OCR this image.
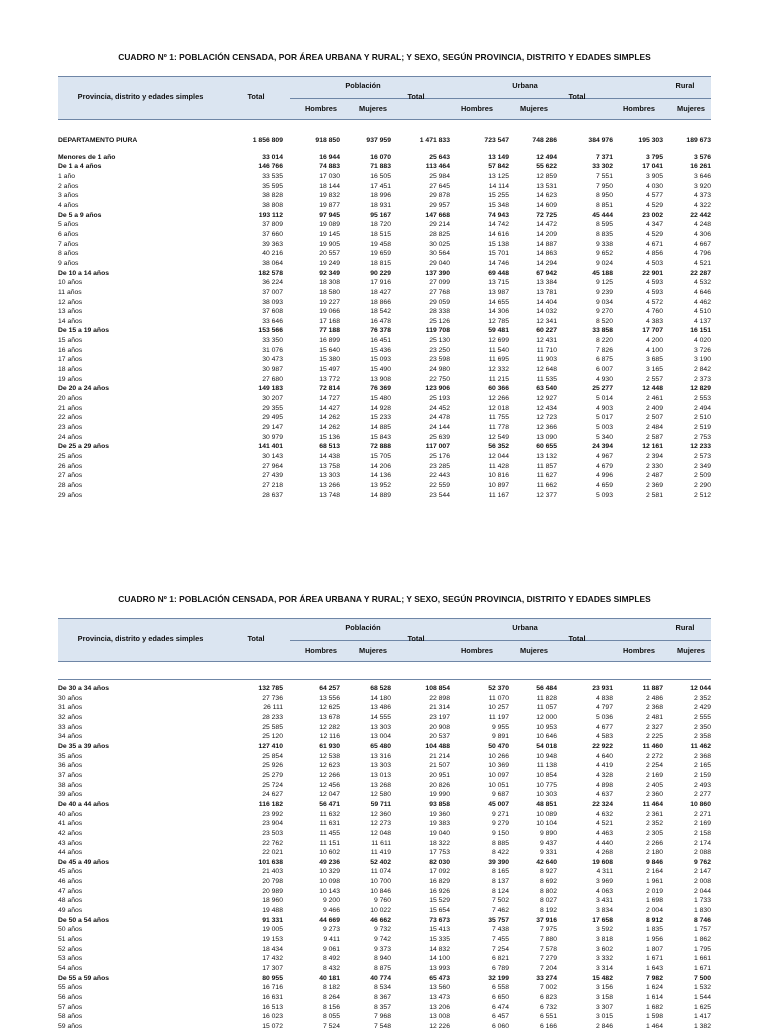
CUADRO Nº 1: POBLACIÓN CENSADA, POR ÁREA URBANA Y RURAL; Y SEXO, SEGÚN PROVINCIA, DISTRITO Y EDADES SIMPLES
Provincia, distrito y edades simples
Población	Urbana	Rural
Total
Hombres	Mujeres
Total
Hombres	Mujeres
Total
Hombres	Mujeres
DEPARTAMENTO PIURA	1 856 809	918 850	937 959	1 471 833	723 547	748 286	384 976	195 303	189 673
Menores de 1 año	33 014	16 944	16 070	25 643	13 149	12 494	7 371	3 795	3 576
De 1 a 4 años	146 766	74 883	71 883	113 464	57 842	55 622	33 302	17 041	16 261
1 año	33 535	17 030	16 505	25 984	13 125	12 859	7 551	3 905	3 646
2 años	35 595	18 144	17 451	27 645	14 114	13 531	7 950	4 030	3 920
3 años	38 828	19 832	18 996	29 878	15 255	14 623	8 950	4 577	4 373
4 años	38 808	19 877	18 931	29 957	15 348	14 609	8 851	4 529	4 322
De 5 a 9 años	193 112	97 945	95 167	147 668	74 943	72 725	45 444	23 002	22 442
5 años	37 809	19 089	18 720	29 214	14 742	14 472	8 595	4 347	4 248
6 años	37 660	19 145	18 515	28 825	14 616	14 209	8 835	4 529	4 306
7 años	39 363	19 905	19 458	30 025	15 138	14 887	9 338	4 671	4 667
8 años	40 216	20 557	19 659	30 564	15 701	14 863	9 652	4 856	4 796
9 años	38 064	19 249	18 815	29 040	14 746	14 294	9 024	4 503	4 521
De 10 a 14 años	182 578	92 349	90 229	137 390	69 448	67 942	45 188	22 901	22 287
10 años	36 224	18 308	17 916	27 099	13 715	13 384	9 125	4 593	4 532
11 años	37 007	18 580	18 427	27 768	13 987	13 781	9 239	4 593	4 646
12 años	38 093	19 227	18 866	29 059	14 655	14 404	9 034	4 572	4 462
13 años	37 608	19 066	18 542	28 338	14 306	14 032	9 270	4 760	4 510
14 años	33 646	17 168	16 478	25 126	12 785	12 341	8 520	4 383	4 137
De 15 a 19 años	153 566	77 188	76 378	119 708	59 481	60 227	33 858	17 707	16 151
15 años	33 350	16 899	16 451	25 130	12 699	12 431	8 220	4 200	4 020
16 años	31 076	15 640	15 436	23 250	11 540	11 710	7 826	4 100	3 726
17 años	30 473	15 380	15 093	23 598	11 695	11 903	6 875	3 685	3 190
18 años	30 987	15 497	15 490	24 980	12 332	12 648	6 007	3 165	2 842
19 años	27 680	13 772	13 908	22 750	11 215	11 535	4 930	2 557	2 373
De 20 a 24 años	149 183	72 814	76 369	123 906	60 366	63 540	25 277	12 448	12 829
20 años	30 207	14 727	15 480	25 193	12 266	12 927	5 014	2 461	2 553
21 años	29 355	14 427	14 928	24 452	12 018	12 434	4 903	2 409	2 494
22 años	29 495	14 262	15 233	24 478	11 755	12 723	5 017	2 507	2 510
23 años	29 147	14 262	14 885	24 144	11 778	12 366	5 003	2 484	2 519
24 años	30 979	15 136	15 843	25 639	12 549	13 090	5 340	2 587	2 753
De 25 a 29 años	141 401	68 513	72 888	117 007	56 352	60 655	24 394	12 161	12 233
25 años	30 143	14 438	15 705	25 176	12 044	13 132	4 967	2 394	2 573
26 años	27 964	13 758	14 206	23 285	11 428	11 857	4 679	2 330	2 349
27 años	27 439	13 303	14 136	22 443	10 816	11 627	4 996	2 487	2 509
28 años	27 218	13 266	13 952	22 559	10 897	11 662	4 659	2 369	2 290
29 años	28 637	13 748	14 889	23 544	11 167	12 377	5 093	2 581	2 512
CUADRO Nº 1: POBLACIÓN CENSADA, POR ÁREA URBANA Y RURAL; Y SEXO, SEGÚN PROVINCIA, DISTRITO Y EDADES SIMPLES
Provincia, distrito y edades simples
Población	Urbana	Rural
Total
Hombres	Mujeres
Total
Hombres	Mujeres
Total
Hombres	Mujeres
De 30 a 34 años	132 785	64 257	68 528	108 854	52 370	56 484	23 931	11 887	12 044
30 años	27 736	13 556	14 180	22 898	11 070	11 828	4 838	2 486	2 352
31 años	26 111	12 625	13 486	21 314	10 257	11 057	4 797	2 368	2 429
32 años	28 233	13 678	14 555	23 197	11 197	12 000	5 036	2 481	2 555
33 años	25 585	12 282	13 303	20 908	9 955	10 953	4 677	2 327	2 350
34 años	25 120	12 116	13 004	20 537	9 891	10 646	4 583	2 225	2 358
De 35 a 39 años	127 410	61 930	65 480	104 488	50 470	54 018	22 922	11 460	11 462
35 años	25 854	12 538	13 316	21 214	10 266	10 948	4 640	2 272	2 368
36 años	25 926	12 623	13 303	21 507	10 369	11 138	4 419	2 254	2 165
37 años	25 279	12 266	13 013	20 951	10 097	10 854	4 328	2 169	2 159
38 años	25 724	12 456	13 268	20 826	10 051	10 775	4 898	2 405	2 493
39 años	24 627	12 047	12 580	19 990	9 687	10 303	4 637	2 360	2 277
De 40 a 44 años	116 182	56 471	59 711	93 858	45 007	48 851	22 324	11 464	10 860
40 años	23 992	11 632	12 360	19 360	9 271	10 089	4 632	2 361	2 271
41 años	23 904	11 631	12 273	19 383	9 279	10 104	4 521	2 352	2 169
42 años	23 503	11 455	12 048	19 040	9 150	9 890	4 463	2 305	2 158
43 años	22 762	11 151	11 611	18 322	8 885	9 437	4 440	2 266	2 174
44 años	22 021	10 602	11 419	17 753	8 422	9 331	4 268	2 180	2 088
De 45 a 49 años	101 638	49 236	52 402	82 030	39 390	42 640	19 608	9 846	9 762
45 años	21 403	10 329	11 074	17 092	8 165	8 927	4 311	2 164	2 147
46 años	20 798	10 098	10 700	16 829	8 137	8 692	3 969	1 961	2 008
47 años	20 989	10 143	10 846	16 926	8 124	8 802	4 063	2 019	2 044
48 años	18 960	9 200	9 760	15 529	7 502	8 027	3 431	1 698	1 733
49 años	19 488	9 466	10 022	15 654	7 462	8 192	3 834	2 004	1 830
De 50 a 54 años	91 331	44 669	46 662	73 673	35 757	37 916	17 658	8 912	8 746
50 años	19 005	9 273	9 732	15 413	7 438	7 975	3 592	1 835	1 757
51 años	19 153	9 411	9 742	15 335	7 455	7 880	3 818	1 956	1 862
52 años	18 434	9 061	9 373	14 832	7 254	7 578	3 602	1 807	1 795
53 años	17 432	8 492	8 940	14 100	6 821	7 279	3 332	1 671	1 661
54 años	17 307	8 432	8 875	13 993	6 789	7 204	3 314	1 643	1 671
De 55 a 59 años	80 955	40 181	40 774	65 473	32 199	33 274	15 482	7 982	7 500
55 años	16 716	8 182	8 534	13 560	6 558	7 002	3 156	1 624	1 532
56 años	16 631	8 264	8 367	13 473	6 650	6 823	3 158	1 614	1 544
57 años	16 513	8 156	8 357	13 206	6 474	6 732	3 307	1 682	1 625
58 años	16 023	8 055	7 968	13 008	6 457	6 551	3 015	1 598	1 417
59 años	15 072	7 524	7 548	12 226	6 060	6 166	2 846	1 464	1 382
